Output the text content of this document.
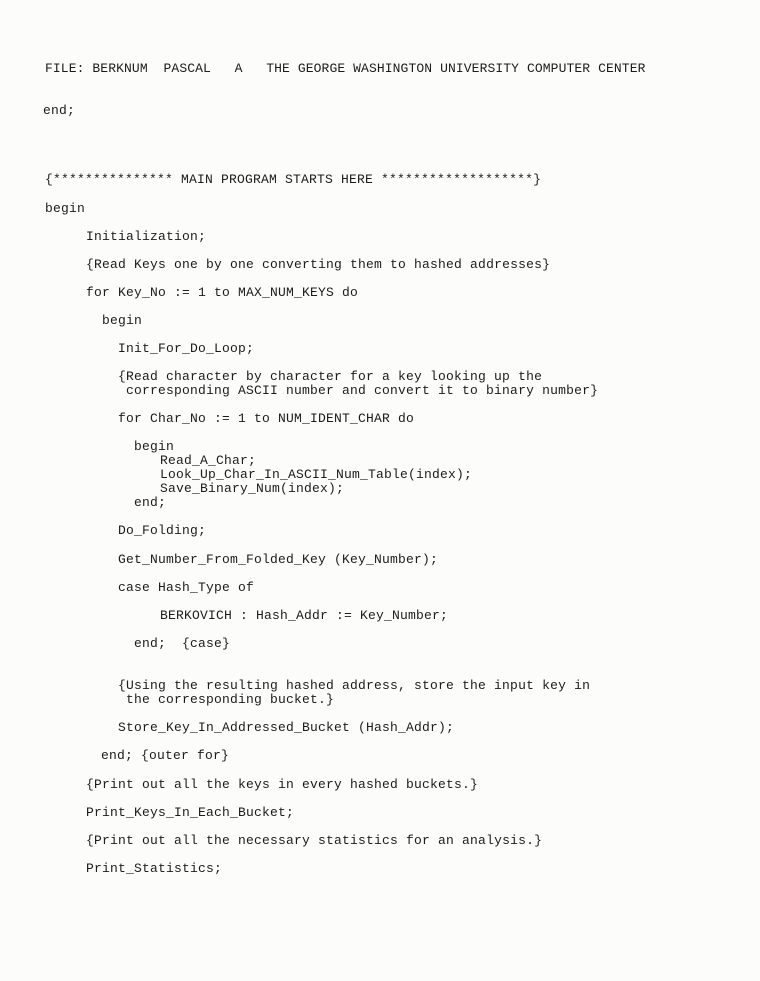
FILE: BERKNUM  PASCAL   A   THE GEORGE WASHINGTON UNIVERSITY COMPUTER CENTER
end;
{*************** MAIN PROGRAM STARTS HERE *******************}
begin
Initialization;
{Read Keys one by one converting them to hashed addresses}
for Key_No := 1 to MAX_NUM_KEYS do
begin
Init_For_Do_Loop;
{Read character by character for a key looking up the
corresponding ASCII number and convert it to binary number}
for Char_No := 1 to NUM_IDENT_CHAR do
begin
Read_A_Char;
Look_Up_Char_In_ASCII_Num_Table(index);
Save_Binary_Num(index);
end;
Do_Folding;
Get_Number_From_Folded_Key (Key_Number);
case Hash_Type of
BERKOVICH : Hash_Addr := Key_Number;
end;  {case}
{Using the resulting hashed address, store the input key in
the corresponding bucket.}
Store_Key_In_Addressed_Bucket (Hash_Addr);
end; {outer for}
{Print out all the keys in every hashed buckets.}
Print_Keys_In_Each_Bucket;
{Print out all the necessary statistics for an analysis.}
Print_Statistics;
